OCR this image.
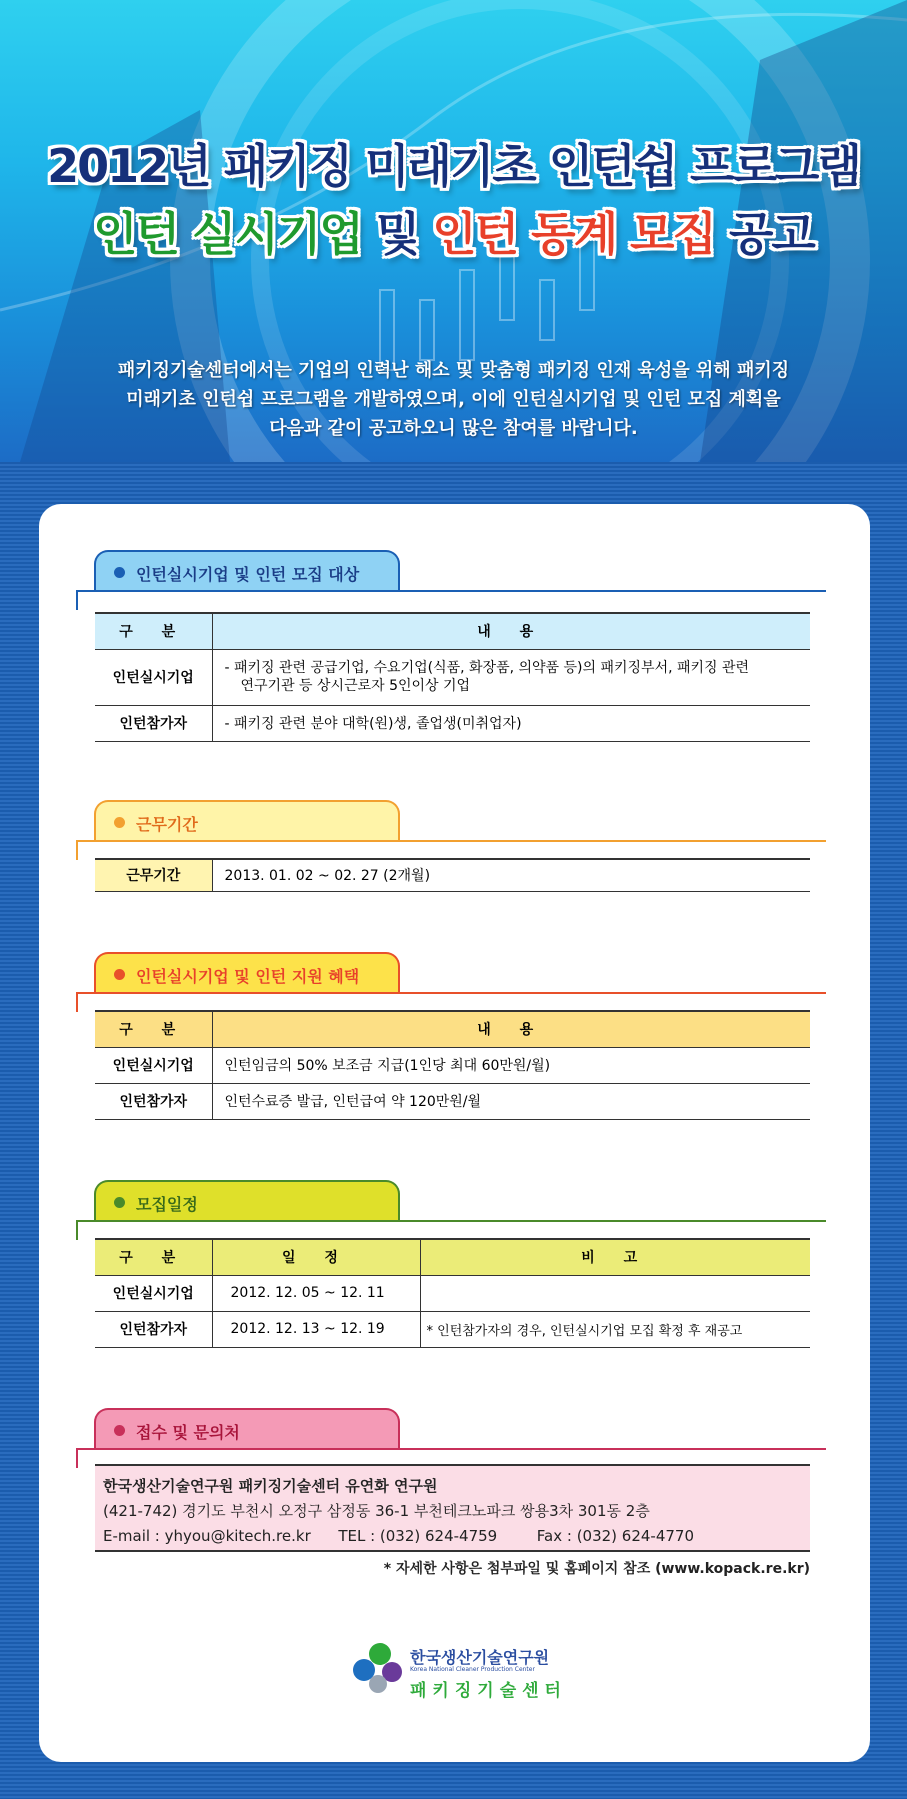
2012년 패키징 미래기초 인턴쉽 프로그램
인턴 실시기업 및 인턴 동계 모집 공고
패키징기술센터에서는 기업의 인력난 해소 및 맞춤형 패키징 인재 육성을 위해 패키징
미래기초 인턴쉽 프로그램을 개발하였으며, 이에 인턴실시기업 및 인턴 모집 계획을
다음과 같이 공고하오니 많은 참여를 바랍니다.
인턴실시기업 및 인턴 모집 대상
구 분	내 용
인턴실시기업	- 패키징 관련 공급기업, 수요기업(식품, 화장품, 의약품 등)의 패키징부서, 패키징 관련
연구기관 등 상시근로자 5인이상 기업

인턴참가자	- 패키징 관련 분야 대학(원)생, 졸업생(미취업자)
근무기간
근무기간	2013. 01. 02 ~ 02. 27 (2개월)
인턴실시기업 및 인턴 지원 혜택
구 분	내 용
인턴실시기업	인턴임금의 50% 보조금 지급(1인당 최대 60만원/월)
인턴참가자	인턴수료증 발급, 인턴급여 약 120만원/월
모집일정
구 분	일 정	비 고
인턴실시기업	2012. 12. 05 ~ 12. 11	
인턴참가자	2012. 12. 13 ~ 12. 19	* 인턴참가자의 경우, 인턴실시기업 모집 확정 후 재공고
접수 및 문의처
한국생산기술연구원 패키징기술센터 유연화 연구원
(421-742) 경기도 부천시 오정구 삼정동 36-1 부천테크노파크 쌍용3차 301동 2층
E-mail : yhyou@kitech.re.kr TEL : (032) 624-4759	Fax : (032) 624-4770
* 자세한 사항은 첨부파일 및 홈페이지 참조 (www.kopack.re.kr)
한국생산기술연구원
Korea National Cleaner Production Center
패키징기술센터
